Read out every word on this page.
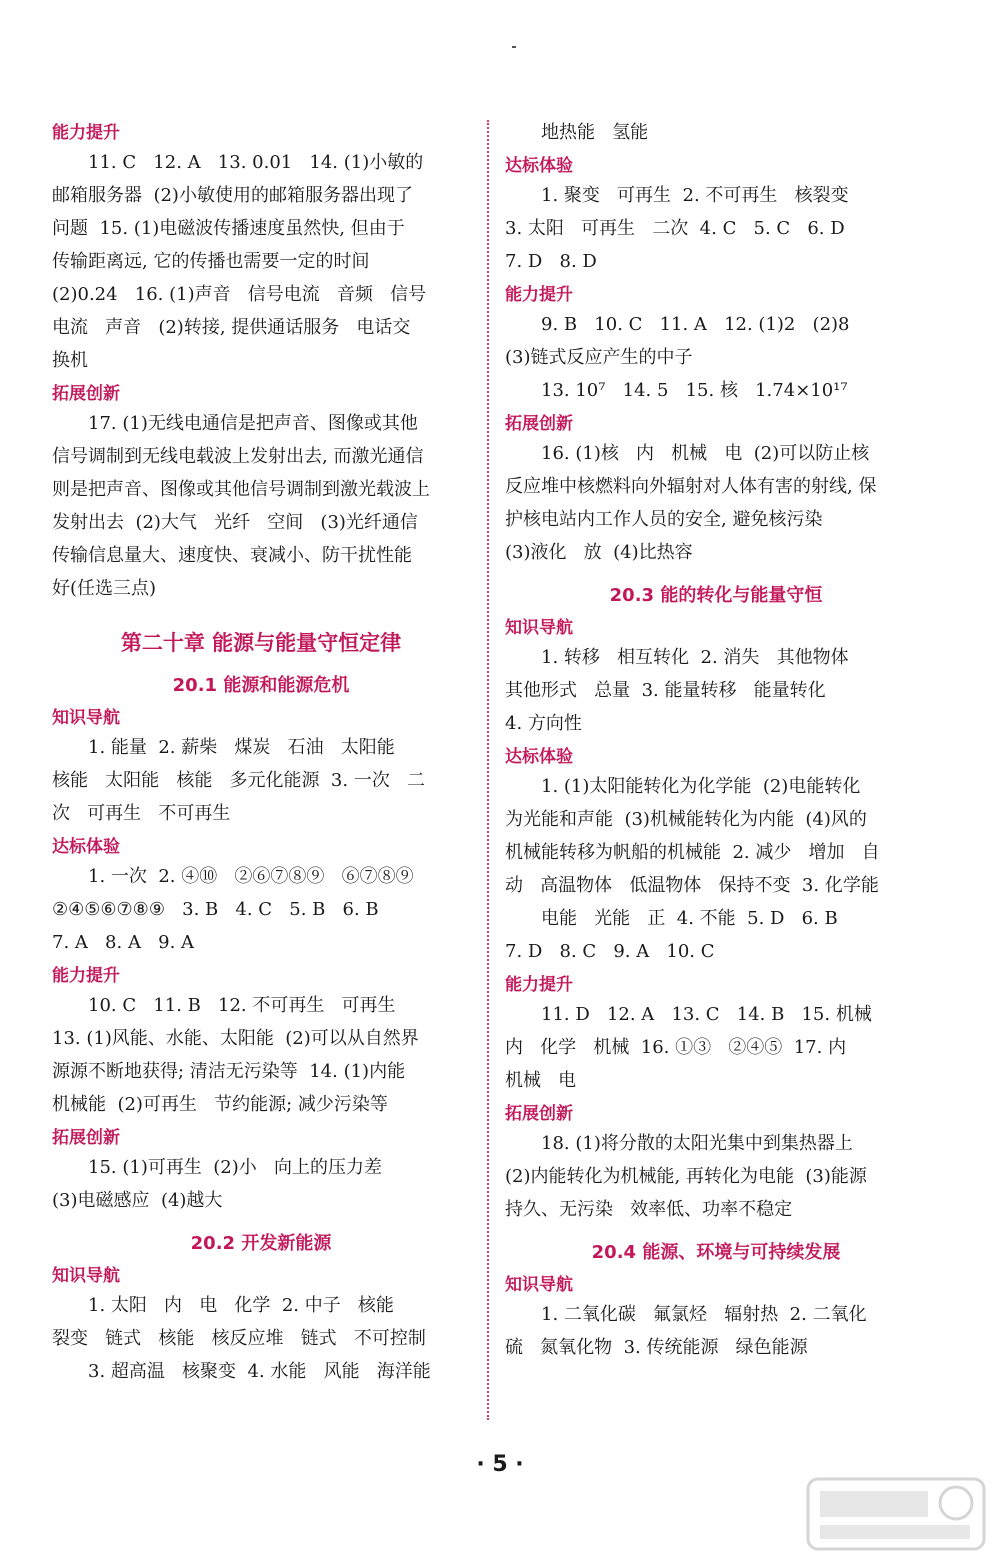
能力提升
11. C   12. A   13. 0.01   14. (1)小敏的
邮箱服务器  (2)小敏使用的邮箱服务器出现了
问题  15. (1)电磁波传播速度虽然快, 但由于
传输距离远, 它的传播也需要一定的时间
(2)0.24   16. (1)声音   信号电流   音频   信号
电流   声音   (2)转接, 提供通话服务   电话交
换机
拓展创新
17. (1)无线电通信是把声音、图像或其他
信号调制到无线电载波上发射出去, 而激光通信
则是把声音、图像或其他信号调制到激光载波上
发射出去  (2)大气   光纤   空间   (3)光纤通信
传输信息量大、速度快、衰减小、防干扰性能
好(任选三点)
第二十章 能源与能量守恒定律
20.1 能源和能源危机
知识导航
1. 能量  2. 薪柴   煤炭   石油   太阳能
核能   太阳能   核能   多元化能源  3. 一次   二
次   可再生   不可再生
达标体验
1. 一次  2. ④⑩   ②⑥⑦⑧⑨   ⑥⑦⑧⑨
②④⑤⑥⑦⑧⑨   3. B   4. C   5. B   6. B
7. A   8. A   9. A
能力提升
10. C   11. B   12. 不可再生   可再生
13. (1)风能、水能、太阳能  (2)可以从自然界
源源不断地获得; 清洁无污染等  14. (1)内能
机械能  (2)可再生   节约能源; 减少污染等
拓展创新
15. (1)可再生  (2)小   向上的压力差
(3)电磁感应  (4)越大
20.2 开发新能源
知识导航
1. 太阳   内   电   化学  2. 中子   核能
裂变   链式   核能   核反应堆   链式   不可控制
3. 超高温   核聚变  4. 水能   风能   海洋能
地热能   氢能
达标体验
1. 聚变   可再生  2. 不可再生   核裂变
3. 太阳   可再生   二次  4. C   5. C   6. D
7. D   8. D
能力提升
9. B   10. C   11. A   12. (1)2   (2)8
(3)链式反应产生的中子
13. 10⁷   14. 5   15. 核   1.74×10¹⁷
拓展创新
16. (1)核   内   机械   电  (2)可以防止核
反应堆中核燃料向外辐射对人体有害的射线, 保
护核电站内工作人员的安全, 避免核污染
(3)液化   放  (4)比热容
20.3 能的转化与能量守恒
知识导航
1. 转移   相互转化  2. 消失   其他物体
其他形式   总量  3. 能量转移   能量转化
4. 方向性
达标体验
1. (1)太阳能转化为化学能  (2)电能转化
为光能和声能  (3)机械能转化为内能  (4)风的
机械能转移为帆船的机械能  2. 减少   增加   自
动   高温物体   低温物体   保持不变  3. 化学能
电能   光能   正  4. 不能  5. D   6. B
7. D   8. C   9. A   10. C
能力提升
11. D   12. A   13. C   14. B   15. 机械
内   化学   机械  16. ①③   ②④⑤  17. 内
机械   电
拓展创新
18. (1)将分散的太阳光集中到集热器上
(2)内能转化为机械能, 再转化为电能  (3)能源
持久、无污染   效率低、功率不稳定
20.4 能源、环境与可持续发展
知识导航
1. 二氧化碳   氟氯烃   辐射热  2. 二氧化
硫   氮氧化物  3. 传统能源   绿色能源
· 5 ·
